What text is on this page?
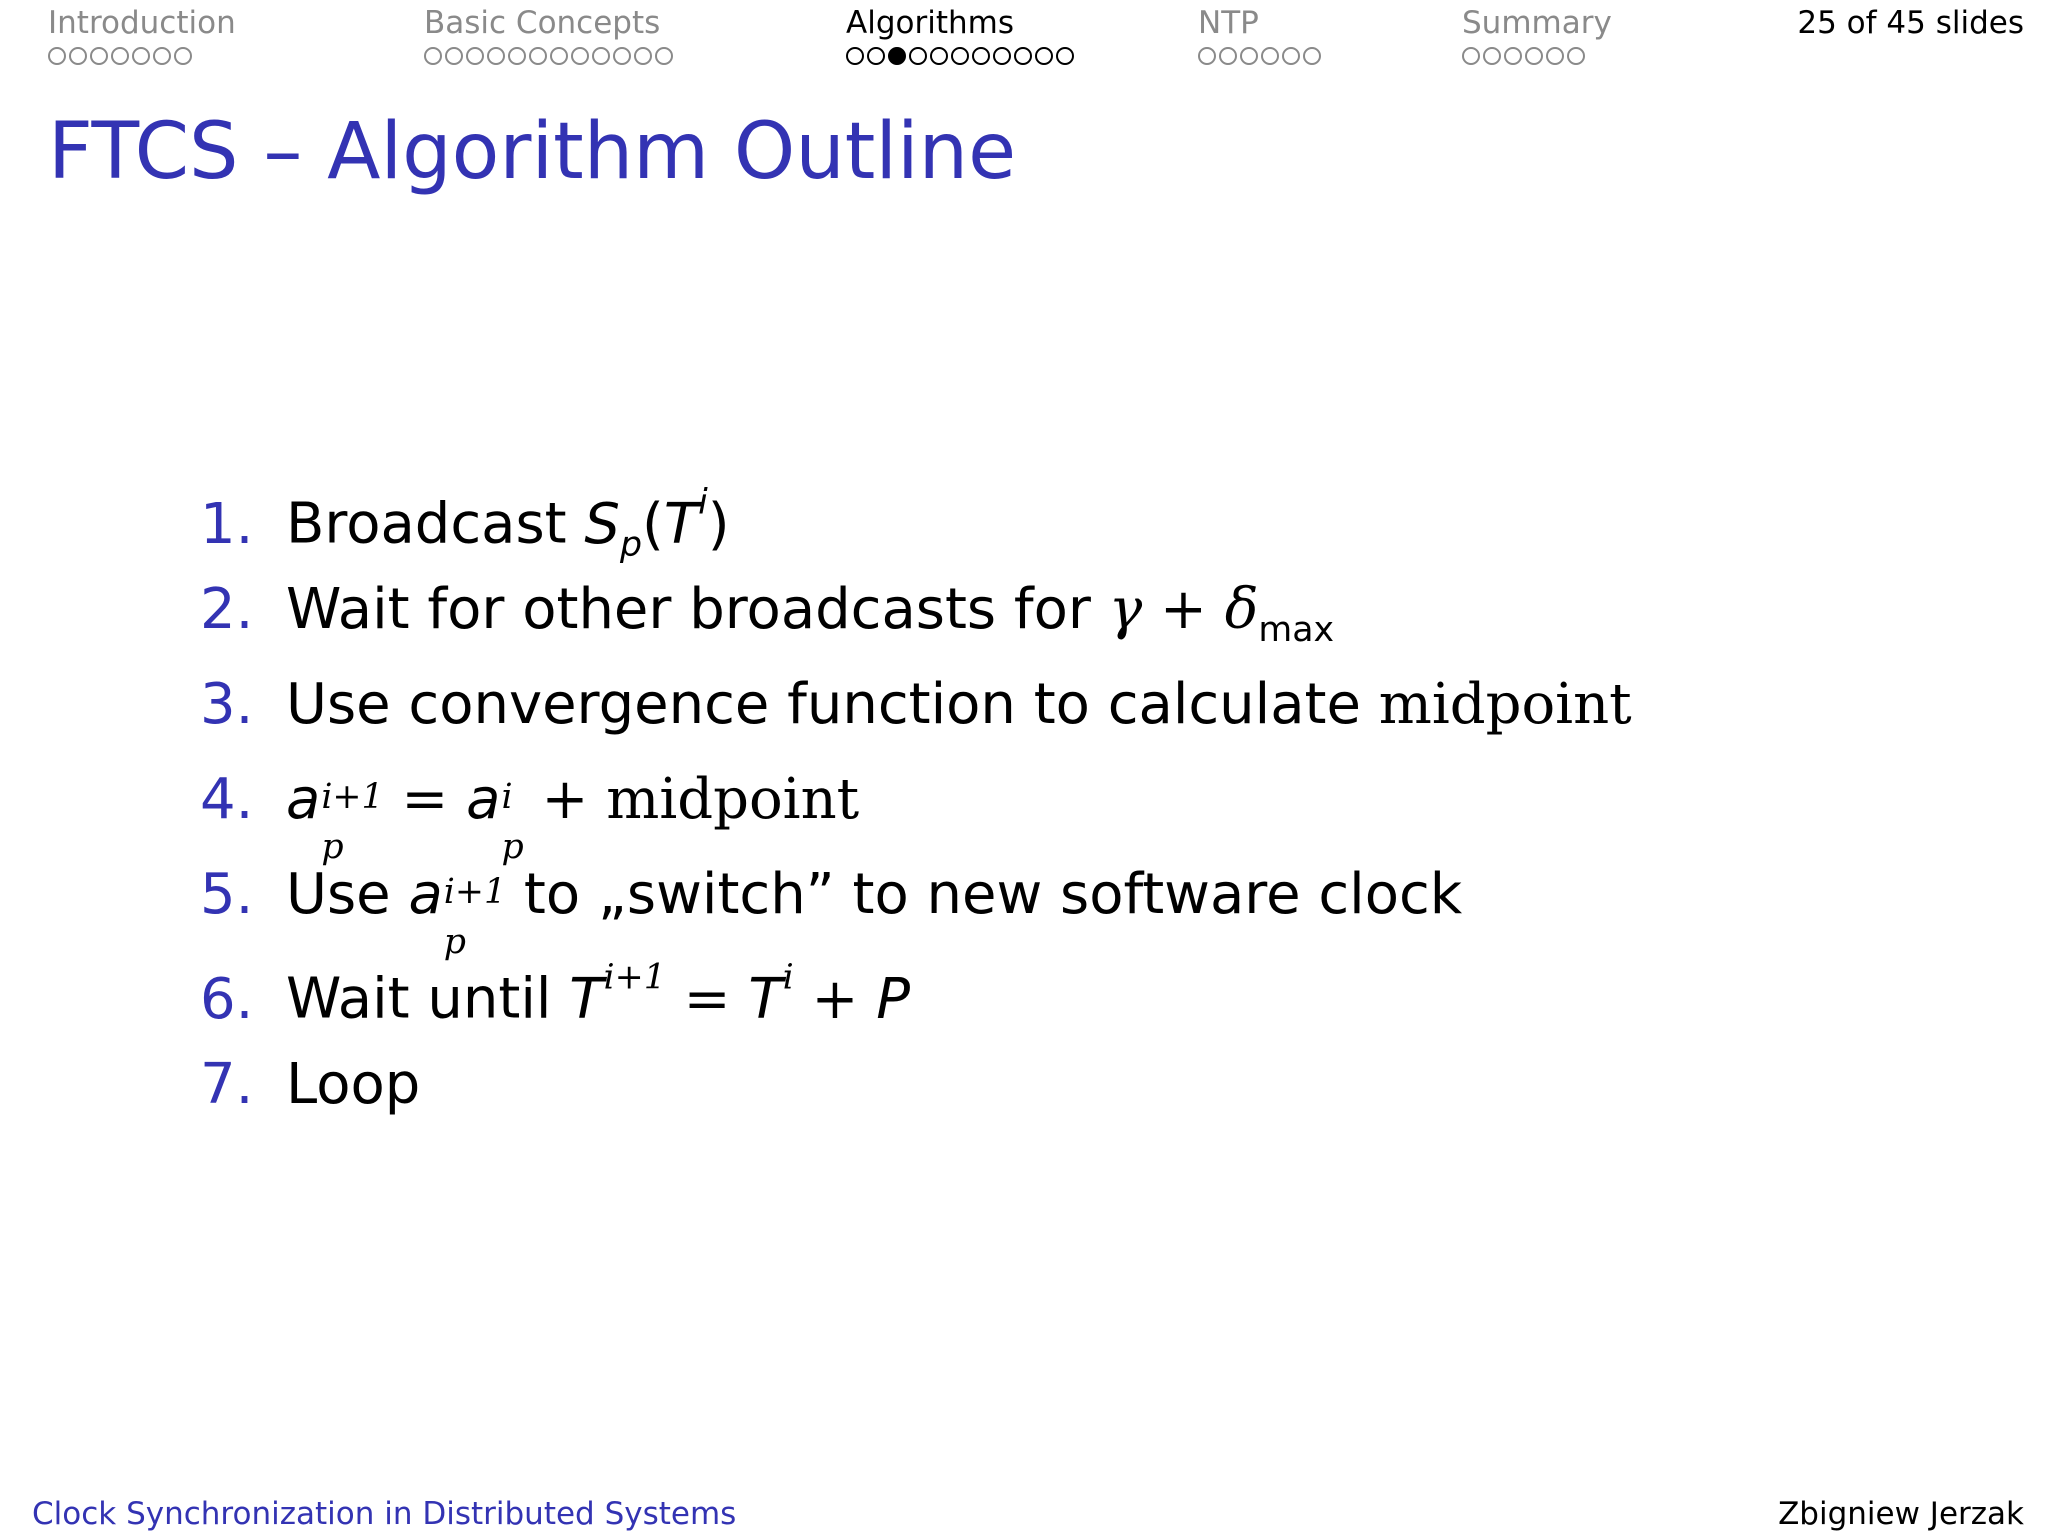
Introduction	Basic Concepts	Algorithms	NTP	Summary	25 of 45 slides
FTCS – Algorithm Outline
1. Broadcast $S_p(T^i)$
2. Wait for other broadcasts for $\gamma + \delta_{max}$
3. Use convergence function to calculate midpoint
4. a i+1
p
= a i
p
+ midpoint
5. Use a i+1
p
to „switch” to new software clock
6. Wait until $T^{i+1} = T^i + P$
7. Loop
Clock Synchronization in Distributed Systems	Zbigniew Jerzak
